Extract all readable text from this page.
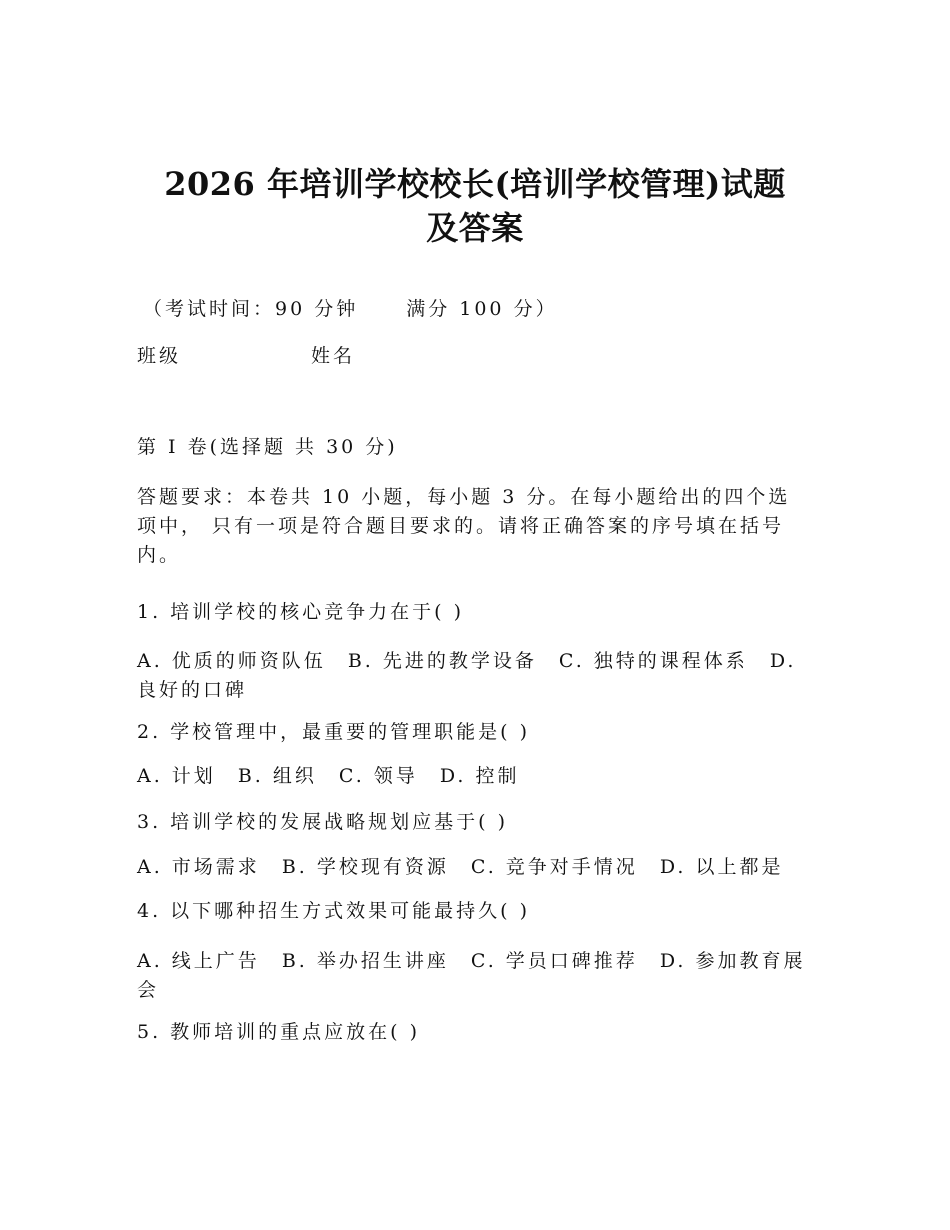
2026 年培训学校校长(培训学校管理)试题
及答案
（考试时间：90 分钟	满分 100 分）
班级	姓名
第 I 卷(选择题 共 30 分)
答题要求：本卷共 10 小题，每小题 3 分。在每小题给出的四个选项中， 只有一项是符合题目要求的。请将正确答案的序号填在括号内。
1. 培训学校的核心竞争力在于( )
A. 优质的师资队伍 B. 先进的教学设备 C. 独特的课程体系 D. 良好的口碑
2. 学校管理中，最重要的管理职能是( )
A. 计划 B. 组织 C. 领导 D. 控制
3. 培训学校的发展战略规划应基于( )
A. 市场需求 B. 学校现有资源 C. 竞争对手情况 D. 以上都是
4. 以下哪种招生方式效果可能最持久( )
A. 线上广告 B. 举办招生讲座 C. 学员口碑推荐 D. 参加教育展会
5. 教师培训的重点应放在( )
